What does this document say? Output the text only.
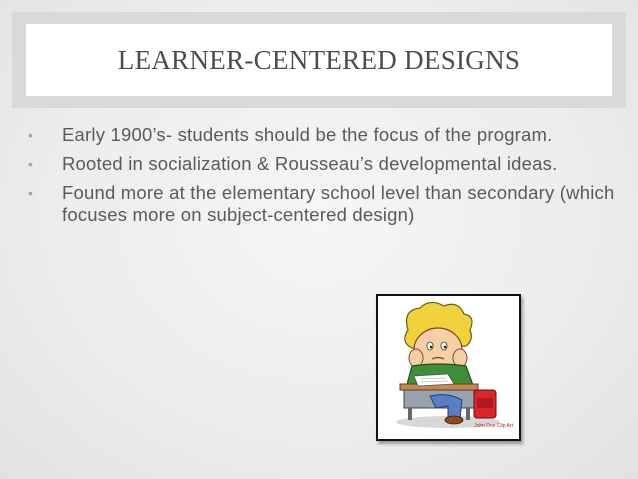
LEARNER-CENTERED DESIGNS
•	Early 1900’s- students should be the focus of the program.
•	Rooted in socialization & Rousseau’s developmental ideas.
•	Found more at the elementary school level than secondary (which focuses more on subject-centered design)
John Doe Clip Art
